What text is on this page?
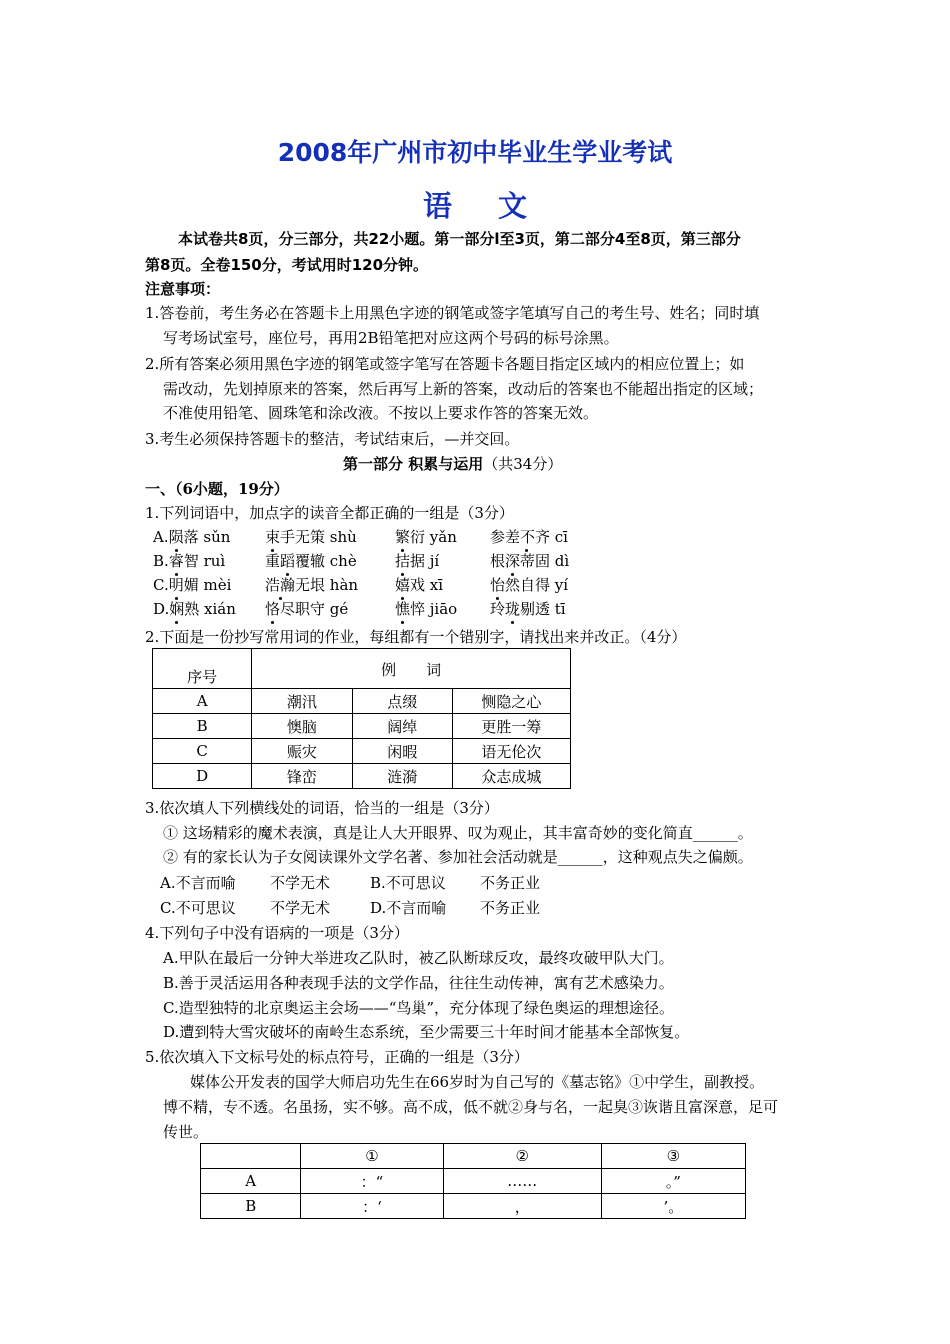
2008年广州市初中毕业生学业考试
语 文
本试卷共8页，分三部分，共22小题。第一部分l至3页，第二部分4至8页，第三部分
第8页。全卷150分，考试用时120分钟。
注意事项：
1.答卷前，考生务必在答题卡上用黑色字迹的钢笔或签字笔填写自己的考生号、姓名；同时填
写考场试室号，座位号，再用2B铅笔把对应这两个号码的标号涂黑。
2.所有答案必须用黑色字迹的钢笔或签字笔写在答题卡各题目指定区域内的相应位置上；如
需改动，先划掉原来的答案，然后再写上新的答案，改动后的答案也不能超出指定的区域；
不准使用铅笔、圆珠笔和涂改液。不按以上要求作答的答案无效。
3.考生必须保持答题卡的整洁，考试结束后，—并交回。
第一部分 积累与运用（共34分）
一、（6小题，19分）
1.下列词语中，加点字的读音全都正确的一组是（3分）
A.陨落 sǔn 束手无策 shù	繁衍 yǎn 参差不齐 cī
B.睿智 ruì	重蹈覆辙 chè	拮据 jí	根深蒂固 dì
C.明媚 mèi 浩瀚无垠 hàn 嬉戏 xī	怡然自得 yí
D.娴熟 xián 恪尽职守 gé	憔悴 jiāo 玲珑剔透 tī
2.下面是一份抄写常用词的作业，每组都有一个错别字，请找出来并改正。（4分）
序号	例　　词		
A	潮汛	点缀	恻隐之心
B	懊脑	阔绰	更胜一筹
C	赈灾	闲暇	语无伦次
D	锋峦	涟漪	众志成城
3.依次填人下列横线处的词语，恰当的一组是（3分）
① 这场精彩的魔术表演，真是让人大开眼界、叹为观止，其丰富奇妙的变化简直______。
② 有的家长认为子女阅读课外文学名著、参加社会活动就是______，这种观点失之偏颇。
A.不言而喻 不学无术	B.不可思议 不务正业
C.不可思议 不学无术	D.不言而喻 不务正业
4.下列句子中没有语病的一项是（3分）
A.甲队在最后一分钟大举进攻乙队时，被乙队断球反攻，最终攻破甲队大门。
B.善于灵活运用各种表现手法的文学作品，往往生动传神，寓有艺术感染力。
C.造型独特的北京奥运主会场——“鸟巢”，充分体现了绿色奥运的理想途径。
D.遭到特大雪灾破坏的南岭生态系统，至少需要三十年时间才能基本全部恢复。
5.依次填入下文标号处的标点符号，正确的一组是（3分）
媒体公开发表的国学大师启功先生在66岁时为自己写的《墓志铭》①中学生，副教授。
博不精，专不透。名虽扬，实不够。高不成，低不就②身与名，一起臭③诙谐且富深意，足可
传世。
	①	②	③
A	：“	……	。”
B	：‘	，	’。
